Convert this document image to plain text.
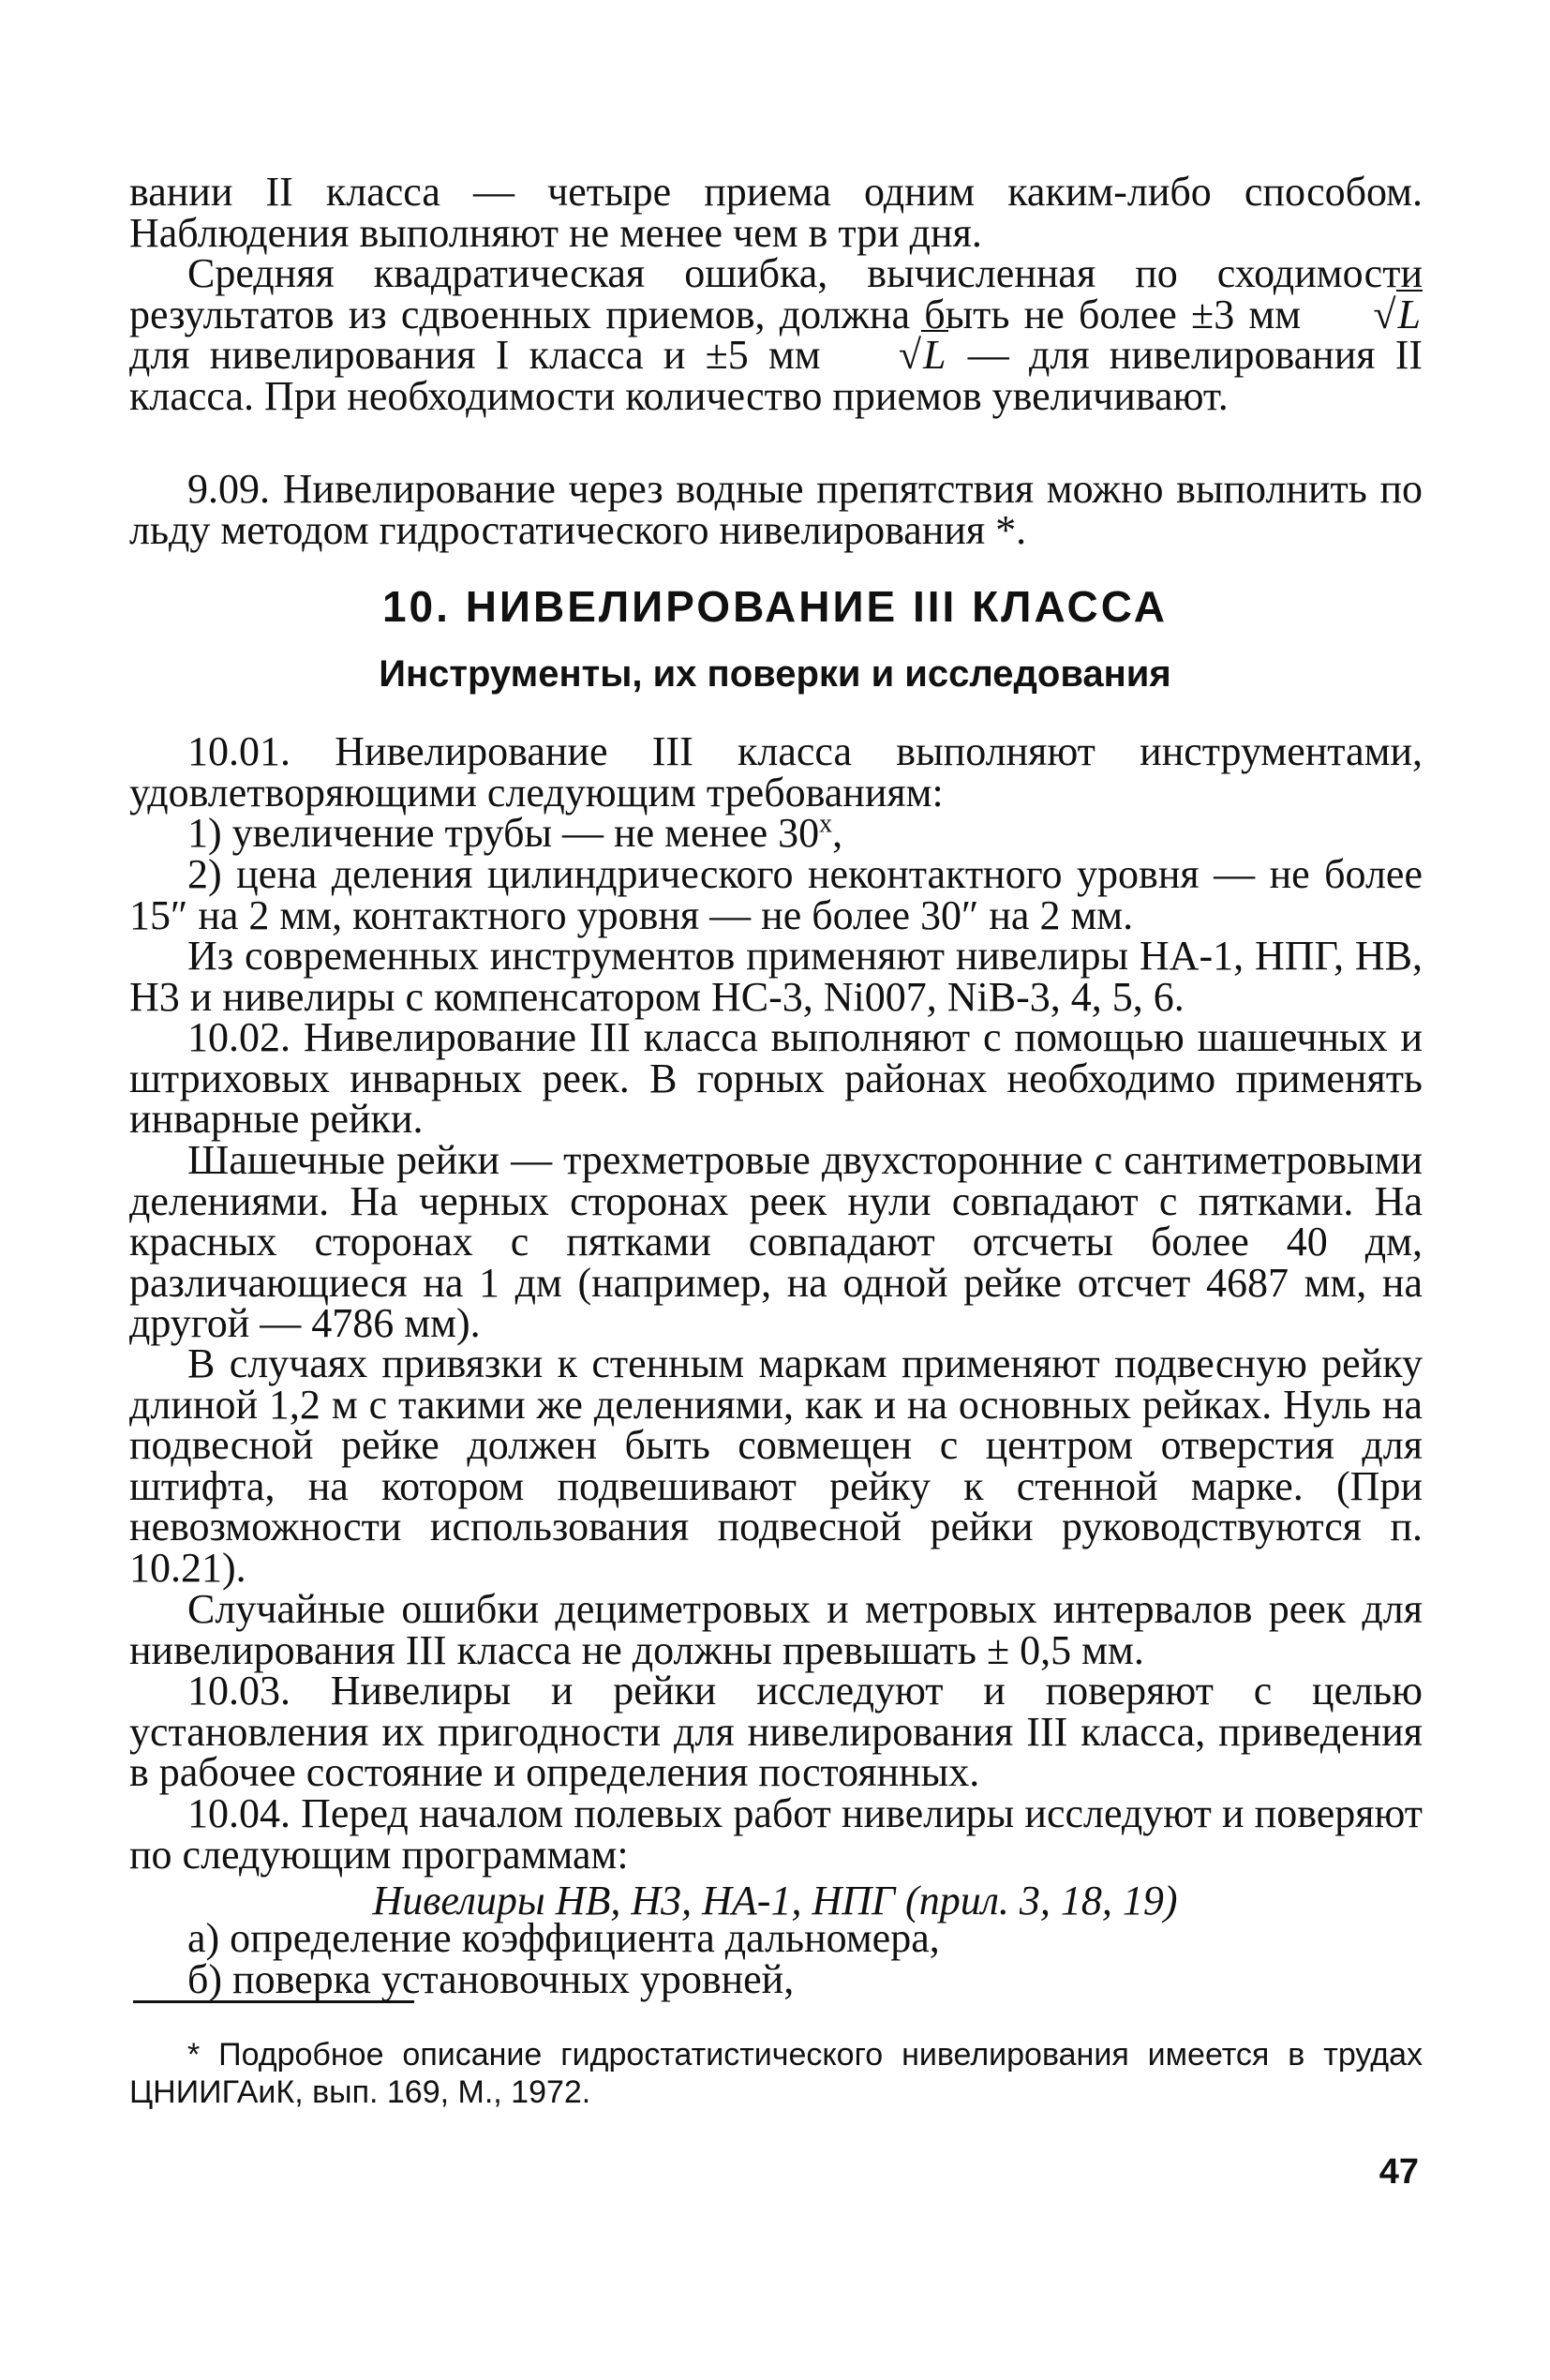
вании II класса — четыре приема одним каким-либо способом. Наблюдения выполняют не менее чем в три дня.

Средняя квадратическая ошибка, вычисленная по сходимости результатов из сдвоенных приемов, должна быть не более ±3 мм √L для нивелирования I класса и ±5 мм √L — для нивелирования II класса. При необходимости количество приемов увеличивают.

9.09. Нивелирование через водные препятствия можно выполнить по льду методом гидростатического нивелирования *.

10. НИВЕЛИРОВАНИЕ III КЛАССА
Инструменты, их поверки и исследования

10.01. Нивелирование III класса выполняют инструментами, удовлетворяющими следующим требованиям:

1) увеличение трубы — не менее $30^х$,

2) цена деления цилиндрического неконтактного уровня — не более 15″ на 2 мм, контактного уровня — не более 30″ на 2 мм.

Из современных инструментов применяют нивелиры НА-1, НПГ, НВ, Н3 и нивелиры с компенсатором НС-3, Ni007, NiB-3, 4, 5, 6.

10.02. Нивелирование III класса выполняют с помощью шашечных и штриховых инварных реек. В горных районах необходимо применять инварные рейки.

Шашечные рейки — трехметровые двухсторонние с сантиметровыми делениями. На черных сторонах реек нули совпадают с пятками. На красных сторонах с пятками совпадают отсчеты более 40 дм, различающиеся на 1 дм (например, на одной рейке отсчет 4687 мм, на другой — 4786 мм).

В случаях привязки к стенным маркам применяют подвесную рейку длиной 1,2 м с такими же делениями, как и на основных рейках. Нуль на подвесной рейке должен быть совмещен с центром отверстия для штифта, на котором подвешивают рейку к стенной марке. (При невозможности использования подвесной рейки руководствуются п. 10.21).

Случайные ошибки дециметровых и метровых интервалов реек для нивелирования III класса не должны превышать ± 0,5 мм.

10.03. Нивелиры и рейки исследуют и поверяют с целью установления их пригодности для нивелирования III класса, приведения в рабочее состояние и определения постоянных.

10.04. Перед началом полевых работ нивелиры исследуют и поверяют по следующим программам:

Нивелиры НВ, Н3, НА-1, НПГ (прил. 3, 18, 19)

а) определение коэффициента дальномера,

б) поверка установочных уровней,

* Подробное описание гидростатистического нивелирования имеется в трудах ЦНИИГАиК, вып. 169, М., 1972.

47
